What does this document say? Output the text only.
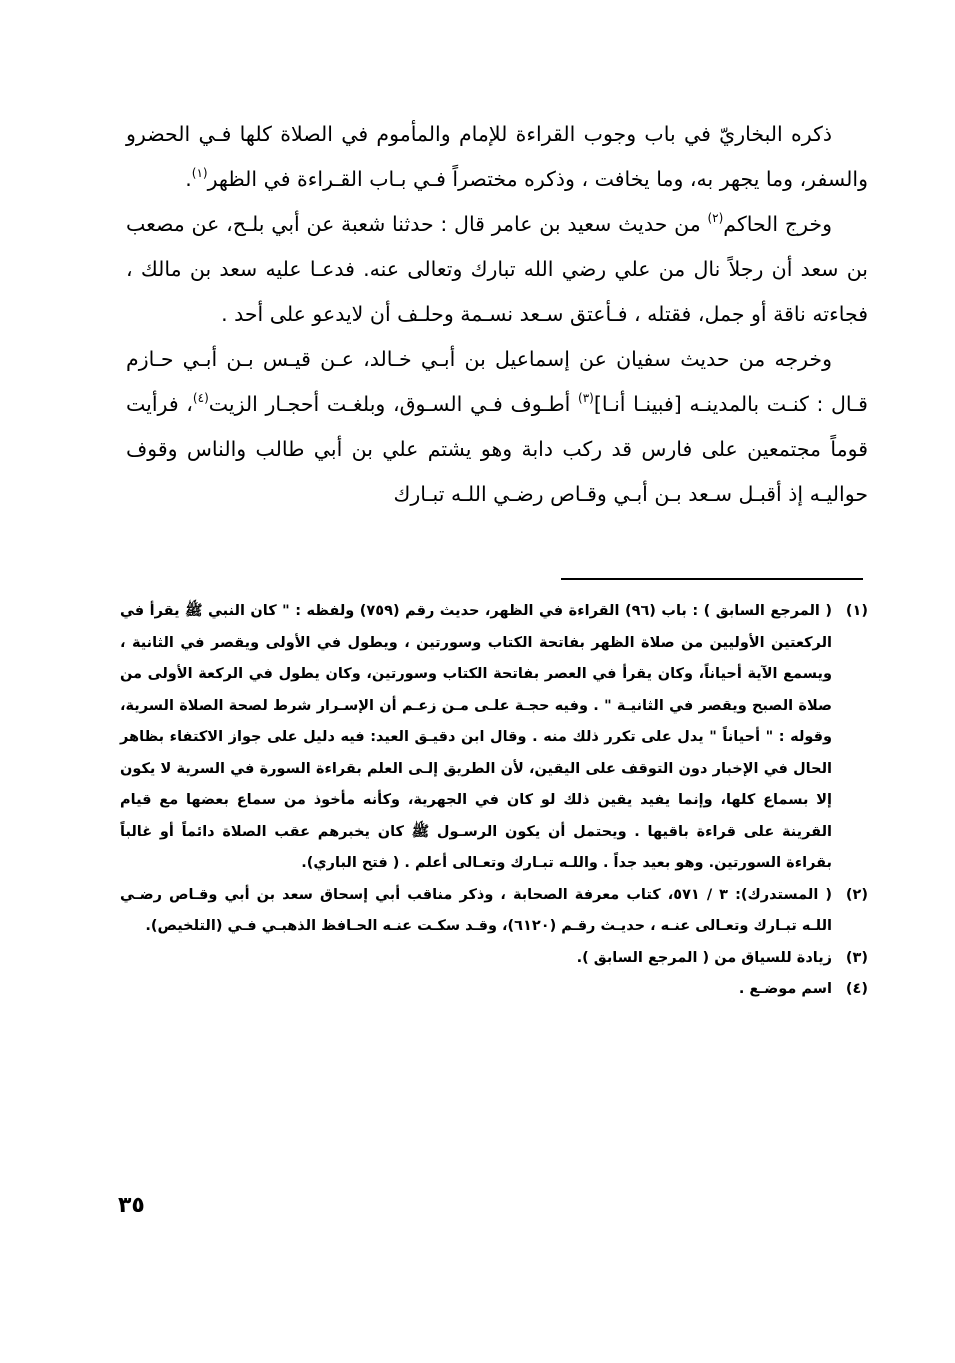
ذكره البخاريّ في باب وجوب القراءة للإمام والمأموم في الصلاة كلها فـي الحضرو والسفر، وما يجهر به، وما يخافت ، وذكره مختصراً فـي بـاب القـراءة في الظهر$^{(١)}$.

وخرج الحاكم$^{(٢)}$ من حديث سعيد بن عامر قال : حدثنا شعبة عن أبي بلـح، عن مصعب بن سعد أن رجلاً نال من علي رضي الله تبارك وتعالى عنه. فدعـا عليه سعد بن مالك ، فجاءته ناقة أو جمل، فقتله ، فـأعتق سـعد نسـمة وحلـف أن لايدعو على أحد .

وخرجه من حديث سفيان عن إسماعيل بن أبـي خـالد، عـن قيـس بـن أبـي حـازم قـال : كنـت بالمدينـه [فبينـا أنـا]$^{(٣)}$ أطـوف فـي السـوق، وبلغـت أحجـار الزيت$^{(٤)}$، فرأيت قوماً مجتمعين على فارس قد ركب دابة وهو يشتم علي بن أبي طالب والناس وقوف حواليـه إذ أقبـل سـعد بـن أبـي وقـاص رضـي اللـه تبـارك

(١)( المرجع السابق ) : باب (٩٦) القراءة في الظهر، حديث رقم (٧٥٩) ولفظه : " كان النبي ﷺ يقرأ في الركعتين الأوليين من صلاة الظهر بفاتحة الكتاب وسورتين ، ويطول في الأولى ويقصر في الثانية ، ويسمع الآية أحياناً، وكان يقرأ في العصر بفاتحة الكتاب وسورتين، وكان يطول في الركعة الأولى من صلاة الصبح ويقصر في الثانيـة " . وفيه حجـة علـى مـن زعـم أن الإسـرار شرط لصحة الصلاة السرية، وقوله : " أحياناً " يدل على تكرر ذلك منه . وقال ابن دقيـق العيد: فيه دليل على جواز الاكتفاء بظاهر الحال في الإخبار دون التوقف على اليقين، لأن الطريق إلـى العلم بقراءة السورة في السرية لا يكون إلا بسماع كلها، وإنما يفيد يقين ذلك لو كان في الجهرية، وكأنه مأخوذ من سماع بعضها مع قيام القرينة على قراءة باقيها . ويحتمل أن يكون الرسـول ﷺ كان يخبرهم عقب الصلاة دائماً أو غالباً بقراءة السورتين. وهو بعيد جداً . واللـه تبـارك وتعـالى أعلم . ( فتح الباري).

(٢)( المستدرك): ٣ / ٥٧١، كتاب معرفة الصحابة ، وذكر مناقب أبي إسحاق سعد بن أبي وقـاص رضـي اللـه تبـارك وتعـالى عنـه ، حديـث رقـم (٦١٢٠)، وقـد سكـت عنـه الحـافظ الذهبـي فـي (التلخيص).

(٣)زيادة للسياق من ( المرجع السابق ).

(٤)اسم موضـع .

٣٥
